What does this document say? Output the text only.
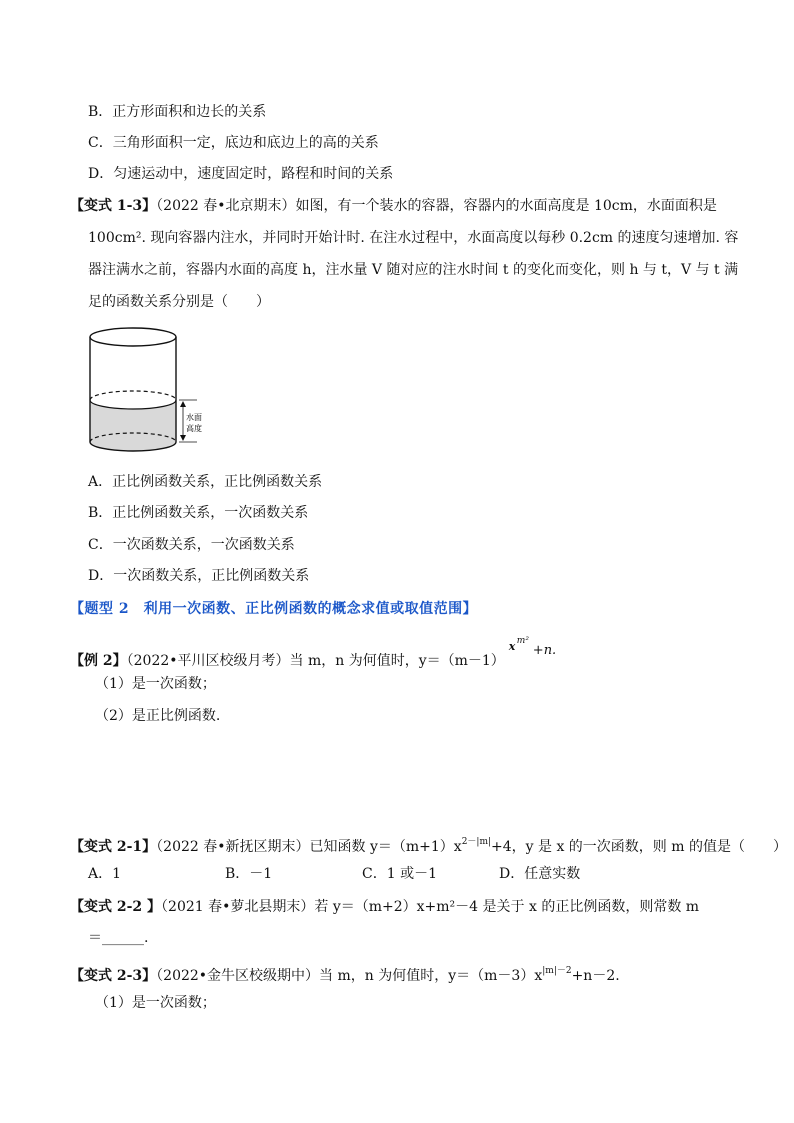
B．正方形面积和边长的关系
C．三角形面积一定，底边和底边上的高的关系
D．匀速运动中，速度固定时，路程和时间的关系
【变式 1-3】（2022 春•北京期末）如图，有一个装水的容器，容器内的水面高度是 10cm，水面面积是
100cm². 现向容器内注水，并同时开始计时. 在注水过程中，水面高度以每秒 0.2cm 的速度匀速增加. 容
器注满水之前，容器内水面的高度 h，注水量 V 随对应的注水时间 t 的变化而变化，则 h 与 t，V 与 t 满
足的函数关系分别是（　　）
水面
高度
A．正比例函数关系，正比例函数关系
B．正比例函数关系，一次函数关系
C．一次函数关系，一次函数关系
D．一次函数关系，正比例函数关系
【题型 2　利用一次函数、正比例函数的概念求值或取值范围】
【例 2】（2022•平川区校级月考）当 m，n 为何值时，y＝（m－1）
x m²
+n.
（1）是一次函数；
（2）是正比例函数.
【变式 2-1】（2022 春•新抚区期末）已知函数 $y=(m+1)x^{2-|m|}+4$，y 是 x 的一次函数，则 m 的值是（　　）
A．1	B．－1	C．1 或－1	D．任意实数
【变式 2-2 】（2021 春•萝北县期末）若 y＝（m+2）x+m²－4 是关于 x 的正比例函数，则常数 m
＝______.
【变式 2-3】（2022•金牛区校级期中）当 m，n 为何值时，$y=(m-3)x^{|m|-2}+n-2$.
（1）是一次函数；
